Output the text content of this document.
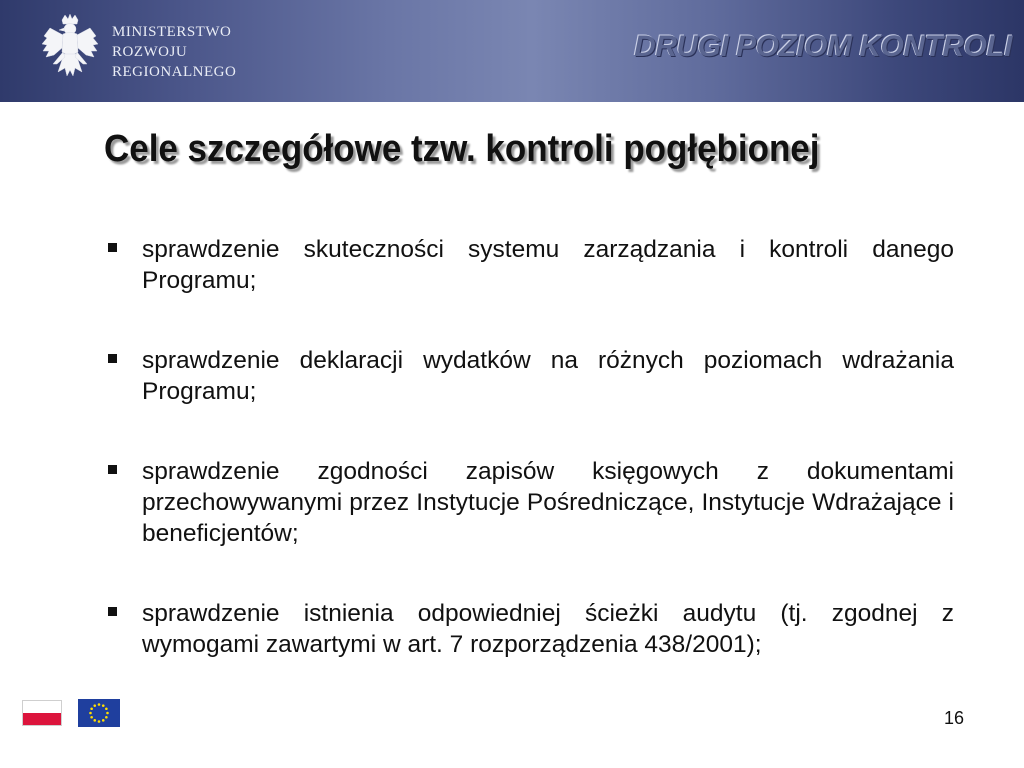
MINISTERSTWO
ROZWOJU
REGIONALNEGO
DRUGI POZIOM KONTROLI
Cele szczegółowe tzw. kontroli pogłębionej
sprawdzenie skuteczności systemu zarządzania i kontroli danego Programu;
sprawdzenie deklaracji wydatków na różnych poziomach wdrażania Programu;
sprawdzenie zgodności zapisów księgowych z dokumentami przechowywanymi przez Instytucje Pośredniczące, Instytucje Wdrażające i beneficjentów;
sprawdzenie istnienia odpowiedniej ścieżki audytu (tj. zgodnej z wymogami zawartymi w art. 7 rozporządzenia 438/2001);
16
